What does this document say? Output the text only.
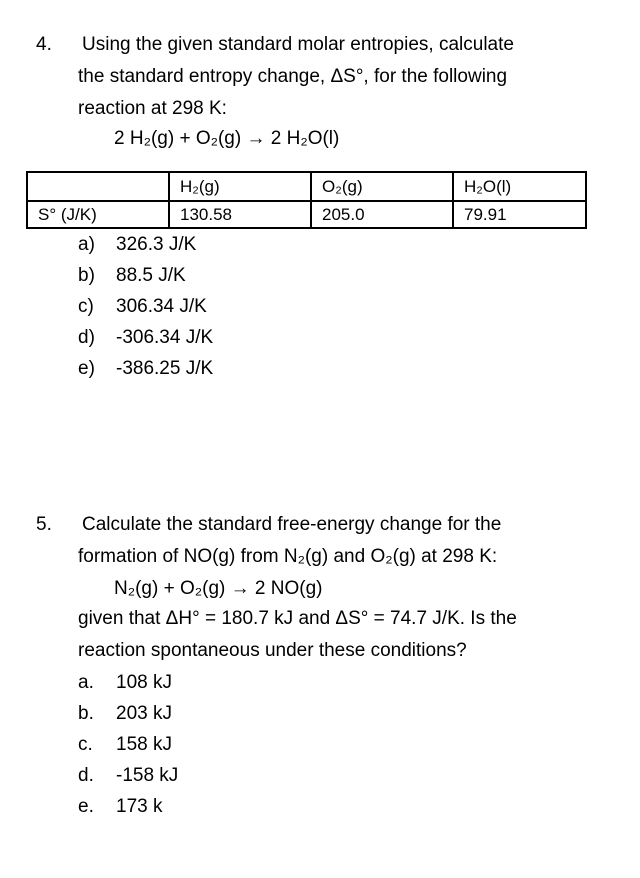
4. Using the given standard molar entropies, calculate
the standard entropy change, ΔS°, for the following
reaction at 298 K:
2 H₂(g) + O₂(g) → 2 H₂O(l)
	H₂(g)	O₂(g)	H₂O(l)
S° (J/K)	130.58	205.0	79.91
a) 326.3 J/K
b) 88.5 J/K
c) 306.34 J/K
d) -306.34 J/K
e) -386.25 J/K
5. Calculate the standard free-energy change for the
formation of NO(g) from N₂(g) and O₂(g) at 298 K:
N₂(g) + O₂(g) → 2 NO(g)
given that ΔH° = 180.7 kJ and ΔS° = 74.7 J/K. Is the
reaction spontaneous under these conditions?
a. 108 kJ
b. 203 kJ
c. 158 kJ
d. -158 kJ
e. 173 k
